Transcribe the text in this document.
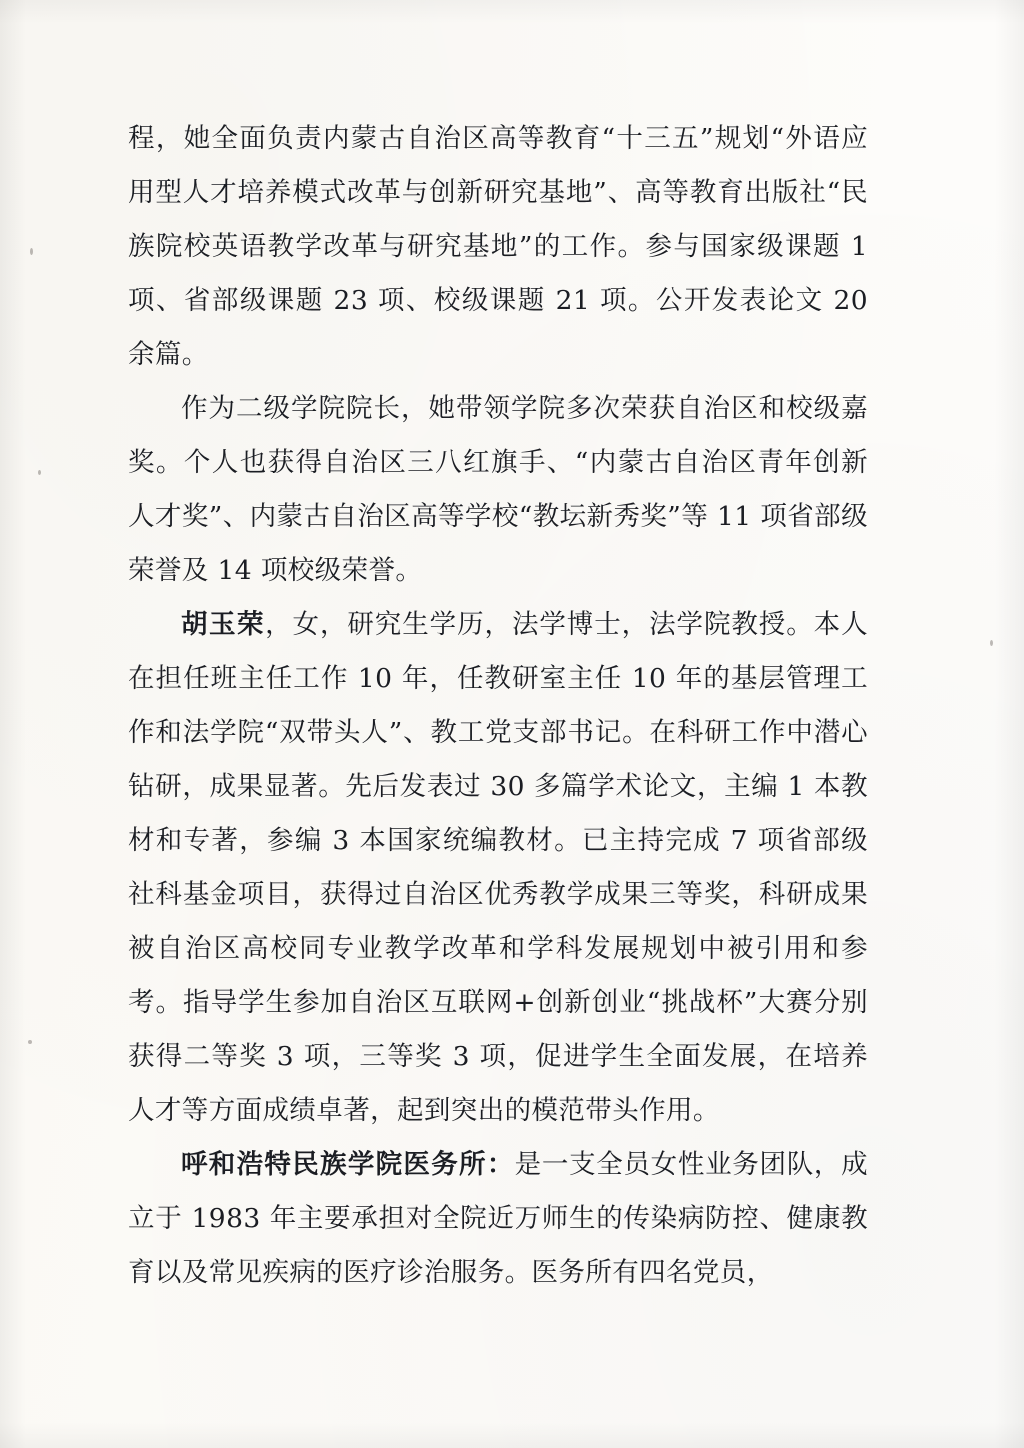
程，她全面负责内蒙古自治区高等教育“十三五”规划“外语应用型人才培养模式改革与创新研究基地”、高等教育出版社“民族院校英语教学改革与研究基地”的工作。参与国家级课题 1 项、省部级课题 23 项、校级课题 21 项。公开发表论文 20 余篇。

作为二级学院院长，她带领学院多次荣获自治区和校级嘉奖。个人也获得自治区三八红旗手、“内蒙古自治区青年创新人才奖”、内蒙古自治区高等学校“教坛新秀奖”等 11 项省部级荣誉及 14 项校级荣誉。

胡玉荣，女，研究生学历，法学博士，法学院教授。本人在担任班主任工作 10 年，任教研室主任 10 年的基层管理工作和法学院“双带头人”、教工党支部书记。在科研工作中潜心钻研，成果显著。先后发表过 30 多篇学术论文，主编 1 本教材和专著，参编 3 本国家统编教材。已主持完成 7 项省部级社科基金项目，获得过自治区优秀教学成果三等奖，科研成果被自治区高校同专业教学改革和学科发展规划中被引用和参考。指导学生参加自治区互联网+创新创业“挑战杯”大赛分别获得二等奖 3 项，三等奖 3 项，促进学生全面发展，在培养人才等方面成绩卓著，起到突出的模范带头作用。

呼和浩特民族学院医务所：是一支全员女性业务团队，成立于 1983 年主要承担对全院近万师生的传染病防控、健康教育以及常见疾病的医疗诊治服务。医务所有四名党员，
